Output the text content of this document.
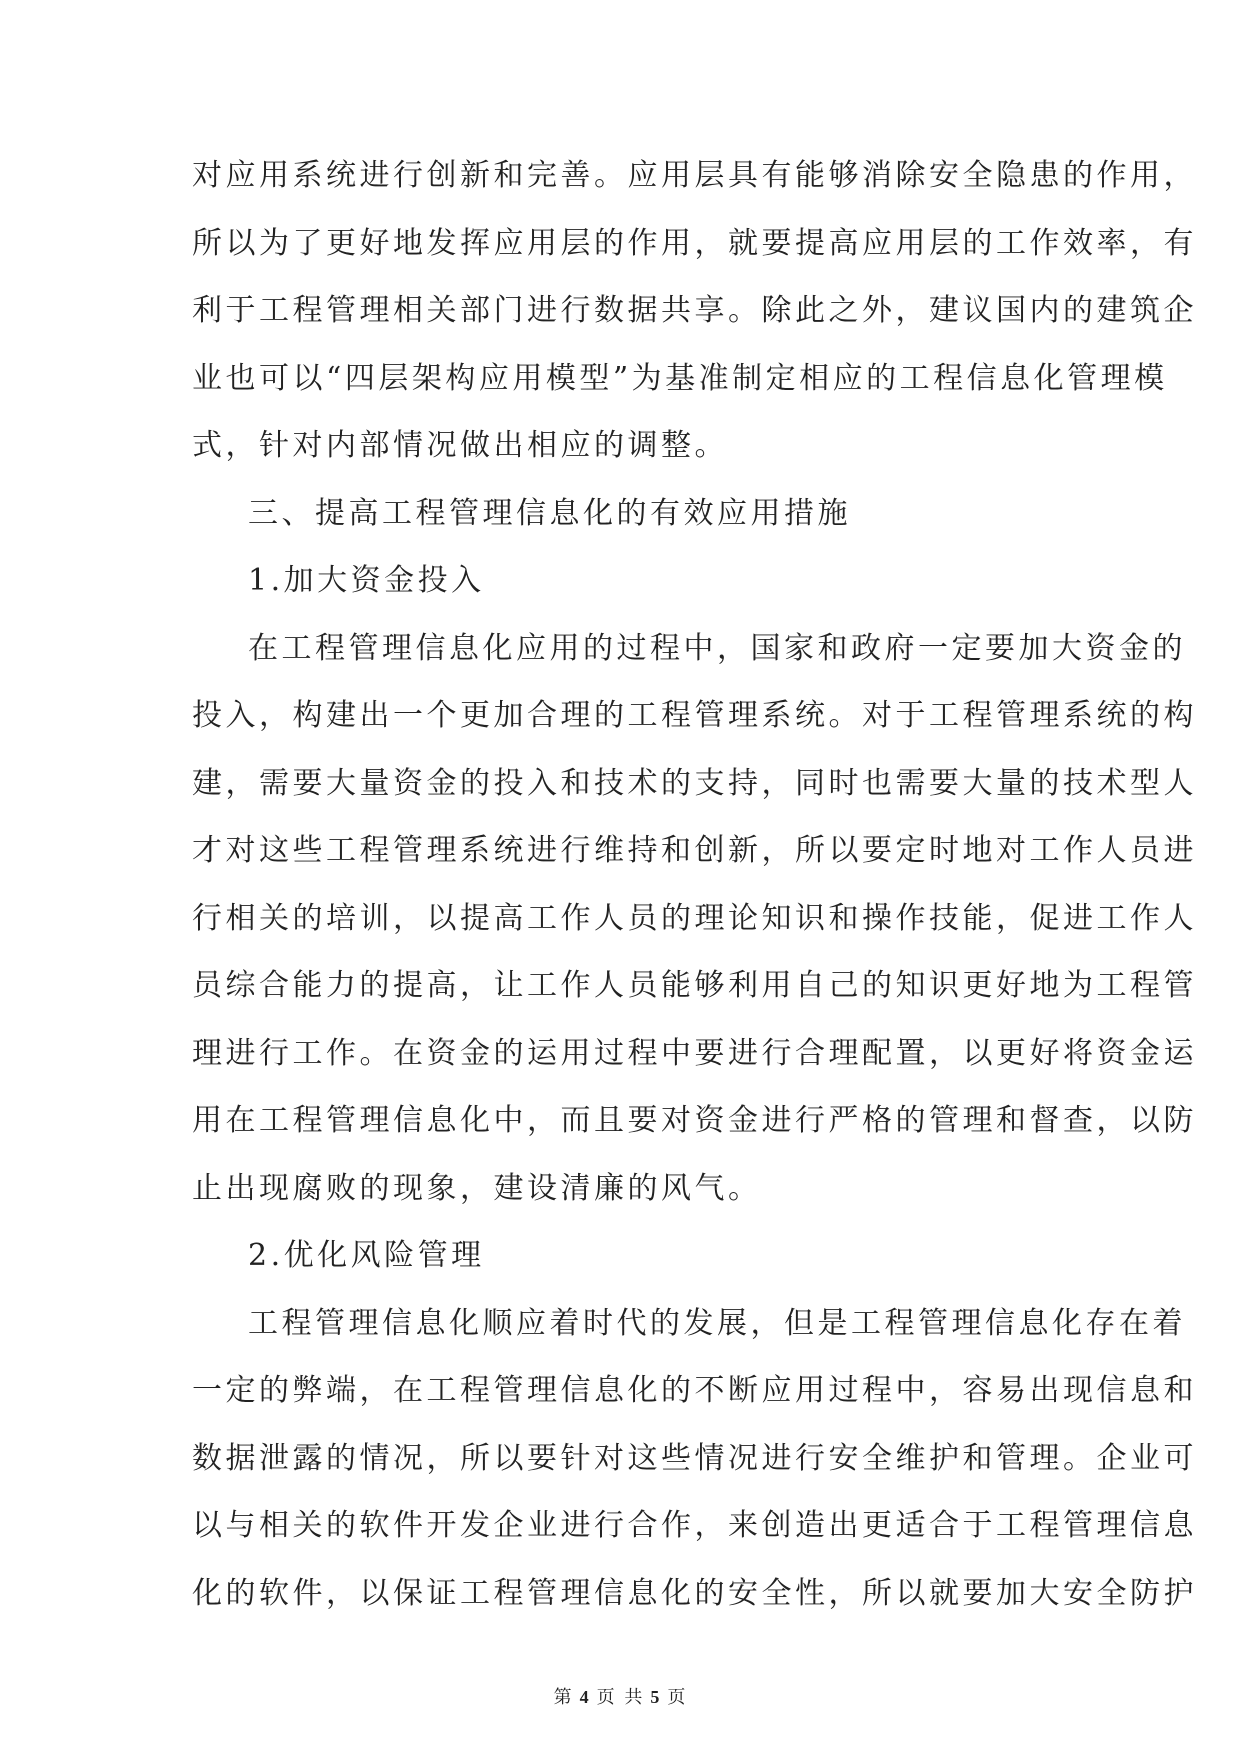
对应用系统进行创新和完善。应用层具有能够消除安全隐患的作用，
所以为了更好地发挥应用层的作用，就要提高应用层的工作效率，有
利于工程管理相关部门进行数据共享。除此之外，建议国内的建筑企
业也可以“四层架构应用模型”为基准制定相应的工程信息化管理模
式，针对内部情况做出相应的调整。
三、提高工程管理信息化的有效应用措施
1.加大资金投入
在工程管理信息化应用的过程中，国家和政府一定要加大资金的
投入，构建出一个更加合理的工程管理系统。对于工程管理系统的构
建，需要大量资金的投入和技术的支持，同时也需要大量的技术型人
才对这些工程管理系统进行维持和创新，所以要定时地对工作人员进
行相关的培训，以提高工作人员的理论知识和操作技能，促进工作人
员综合能力的提高，让工作人员能够利用自己的知识更好地为工程管
理进行工作。在资金的运用过程中要进行合理配置，以更好将资金运
用在工程管理信息化中，而且要对资金进行严格的管理和督查，以防
止出现腐败的现象，建设清廉的风气。
2.优化风险管理
工程管理信息化顺应着时代的发展，但是工程管理信息化存在着
一定的弊端，在工程管理信息化的不断应用过程中，容易出现信息和
数据泄露的情况，所以要针对这些情况进行安全维护和管理。企业可
以与相关的软件开发企业进行合作，来创造出更适合于工程管理信息
化的软件，以保证工程管理信息化的安全性，所以就要加大安全防护
第 4 页 共 5 页
